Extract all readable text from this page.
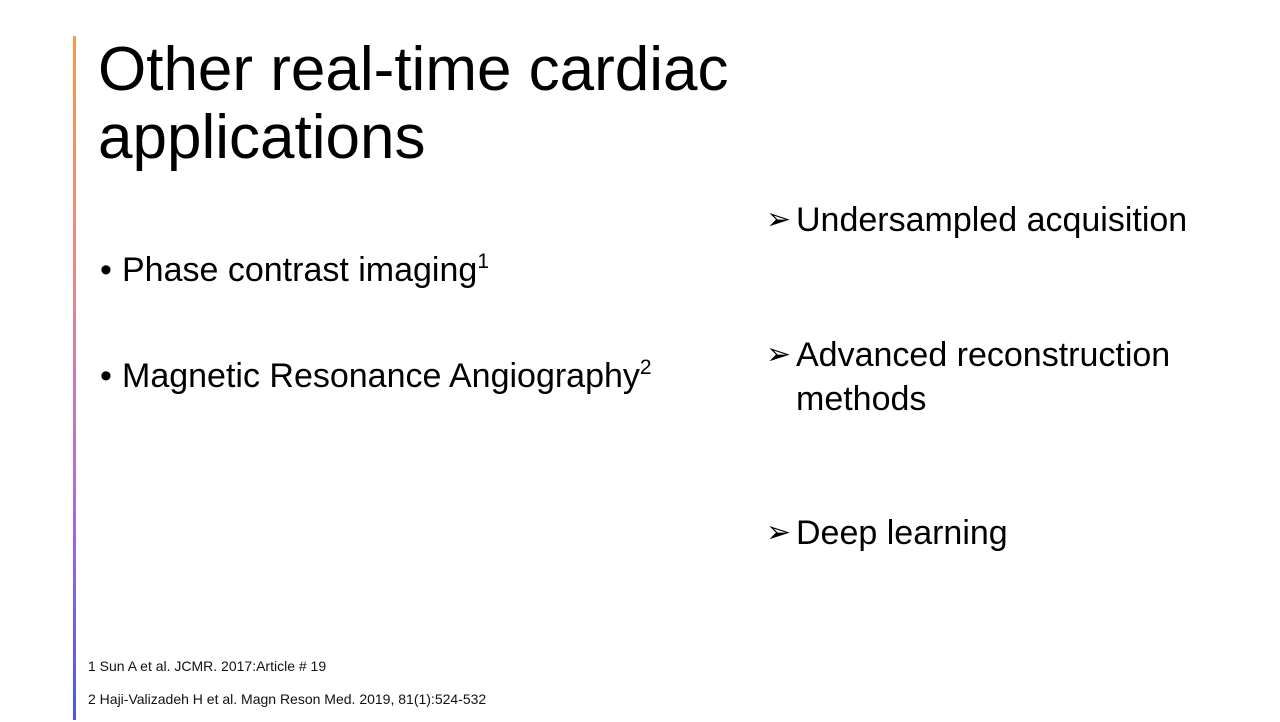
Other real-time cardiac applications
• Phase contrast imaging$^1$
• Magnetic Resonance Angiography$^2$
➢ Undersampled acquisition
➢ Advanced reconstruction methods
➢ Deep learning
1 Sun A et al. JCMR. 2017:Article # 19
2 Haji-Valizadeh H et al. Magn Reson Med. 2019, 81(1):524-532
